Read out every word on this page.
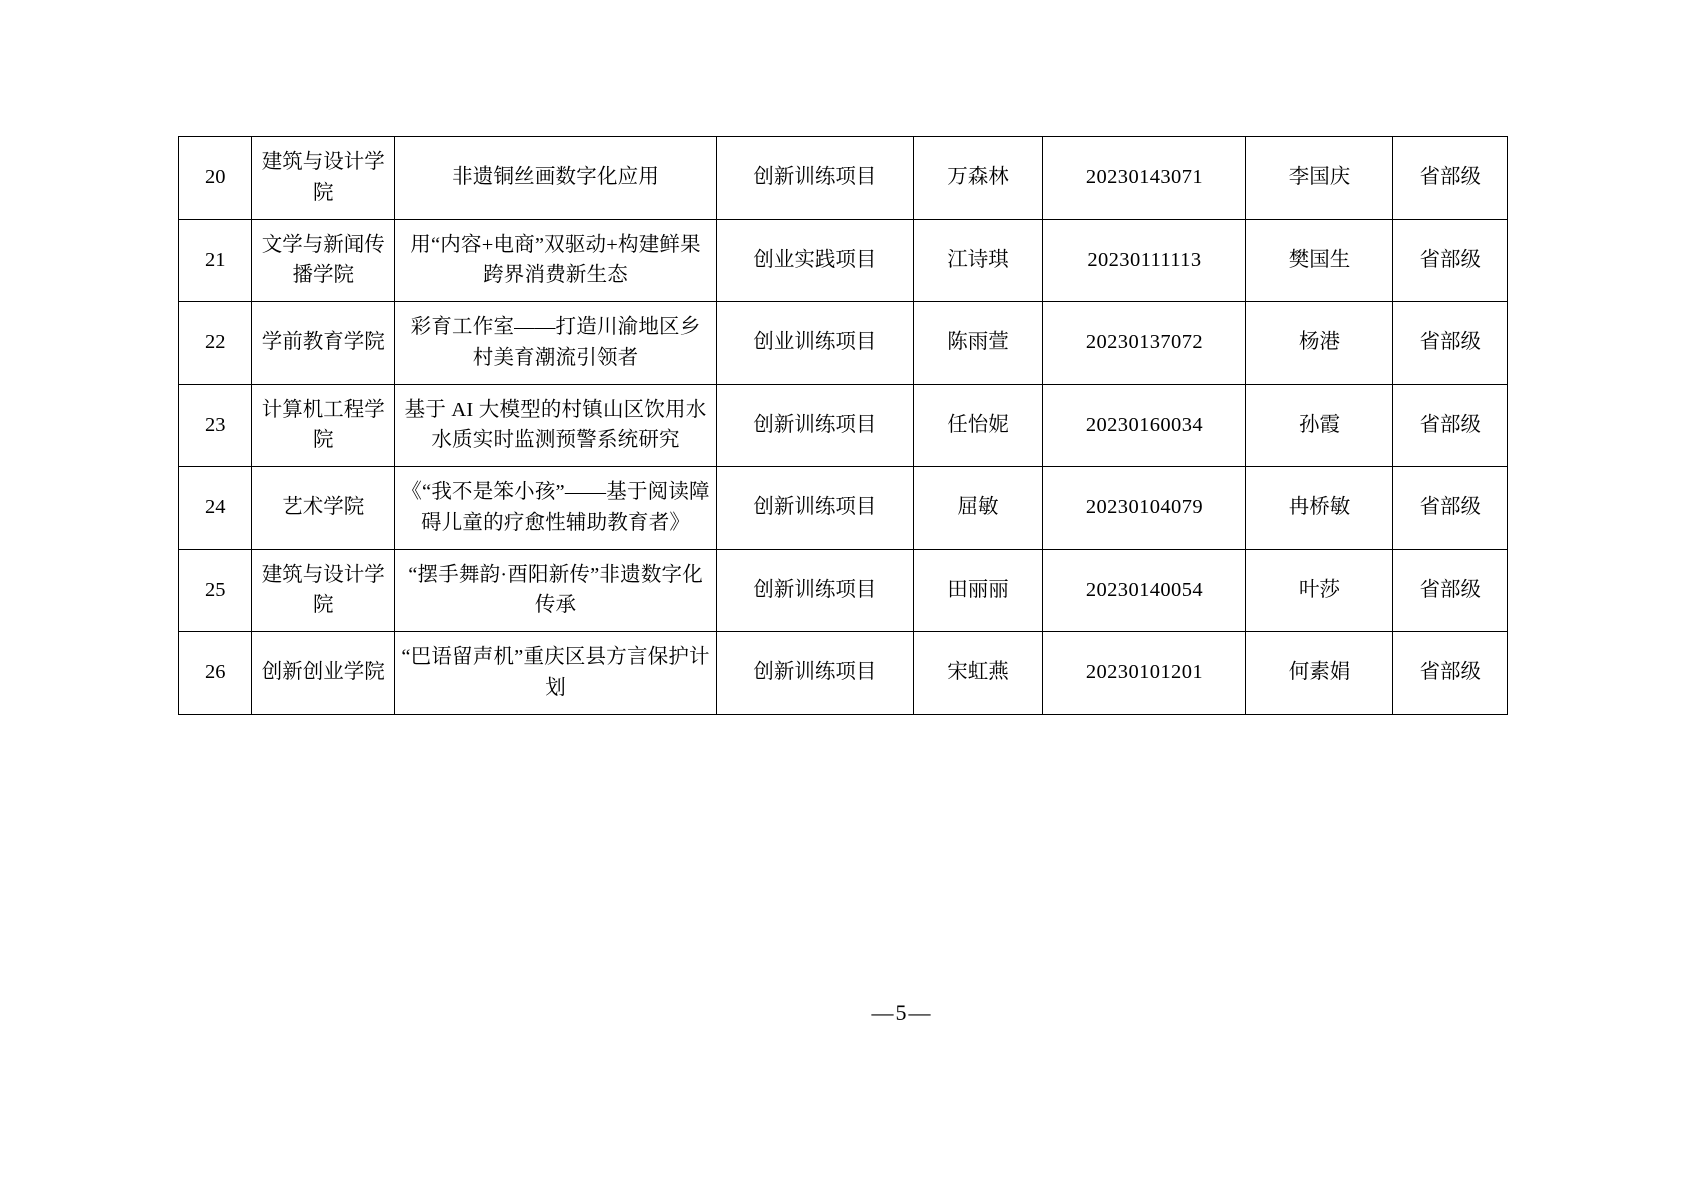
20	建筑与设计学院	非遗铜丝画数字化应用	创新训练项目	万森林	20230143071	李国庆	省部级
21	文学与新闻传播学院	用“内容+电商”双驱动+构建鲜果跨界消费新生态	创业实践项目	江诗琪	20230111113	樊国生	省部级
22	学前教育学院	彩育工作室——打造川渝地区乡村美育潮流引领者	创业训练项目	陈雨萱	20230137072	杨港	省部级
23	计算机工程学院	基于 AI 大模型的村镇山区饮用水水质实时监测预警系统研究	创新训练项目	任怡妮	20230160034	孙霞	省部级
24	艺术学院	《“我不是笨小孩”——基于阅读障碍儿童的疗愈性辅助教育者》	创新训练项目	屈敏	20230104079	冉桥敏	省部级
25	建筑与设计学院	“摆手舞韵·酉阳新传”非遗数字化传承	创新训练项目	田丽丽	20230140054	叶莎	省部级
26	创新创业学院	“巴语留声机”重庆区县方言保护计划	创新训练项目	宋虹燕	20230101201	何素娟	省部级
—5—
